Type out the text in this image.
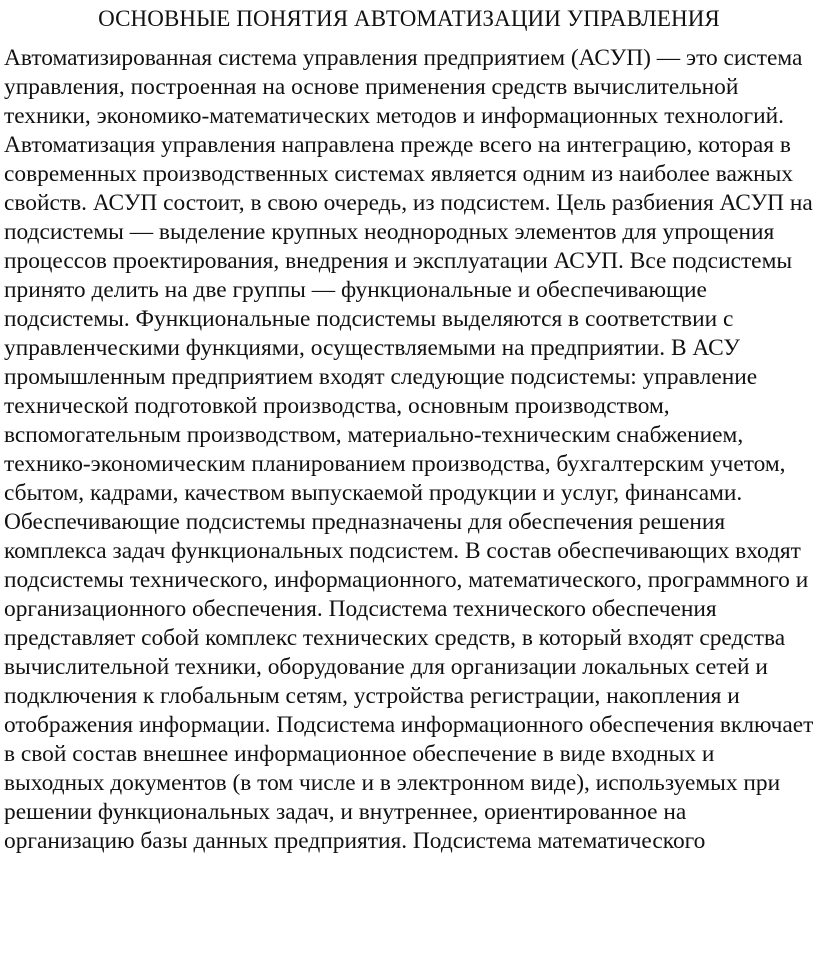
ОСНОВНЫЕ ПОНЯТИЯ АВТОМАТИЗАЦИИ УПРАВЛЕНИЯ

Автоматизированная система управления предприятием (АСУП) — это система управления, построенная на основе применения средств вычислительной техники, экономико-математических методов и информационных технологий. Автоматизация управления направлена прежде всего на интеграцию, которая в современных производственных системах является одним из наиболее важных свойств. АСУП состоит, в свою очередь, из подсистем. Цель разбиения АСУП на подсистемы — выделение крупных неоднородных элементов для упрощения процессов проектирования, внедрения и эксплуатации АСУП. Все подсистемы принято делить на две группы — функциональные и обеспечивающие подсистемы. Функциональные подсистемы выделяются в соответствии с управленческими функциями, осуществляемыми на предприятии. В АСУ промышленным предприятием входят следующие подсистемы: управление технической подготовкой производства, основным производством, вспомогательным производством, материально-техническим снабжением, технико-экономическим планированием производства, бухгалтерским учетом, сбытом, кадрами, качеством выпускаемой продукции и услуг, финансами. Обеспечивающие подсистемы предназначены для обеспечения решения комплекса задач функциональных подсистем. В состав обеспечивающих входят подсистемы технического, информационного, математического, программного и организационного обеспечения. Подсистема технического обеспечения представляет собой комплекс технических средств, в который входят средства вычислительной техники, оборудование для организации локальных сетей и подключения к глобальным сетям, устройства регистрации, накопления и отображения информации. Подсистема информационного обеспечения включает в свой состав внешнее информационное обеспечение в виде входных и выходных документов (в том числе и в электронном виде), используемых при решении функциональных задач, и внутреннее, ориентированное на организацию базы данных предприятия. Подсистема математического
